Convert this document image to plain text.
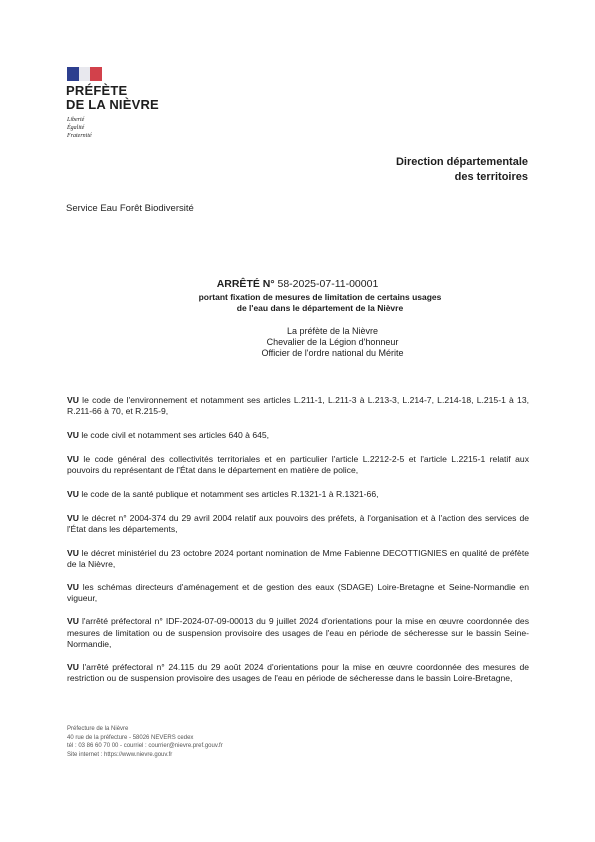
PRÉFÈTE
DE LA NIÈVRE
Liberté
Égalité
Fraternité
Direction départementale
des territoires
Service Eau Forêt Biodiversité
ARRÊTÉ N° 58-2025-07-11-00001
portant fixation de mesures de limitation de certains usages
de l'eau dans le département de la Nièvre
La préfète de la Nièvre
Chevalier de la Légion d'honneur
Officier de l'ordre national du Mérite

VU le code de l'environnement et notamment ses articles L.211-1, L.211-3 à L.213-3, L.214-7, L.214-18, L.215-1 à 13, R.211-66 à 70, et R.215-9,

VU le code civil et notamment ses articles 640 à 645,

VU le code général des collectivités territoriales et en particulier l'article L.2212-2-5 et l'article L.2215-1 relatif aux pouvoirs du représentant de l'État dans le département en matière de police,

VU le code de la santé publique et notamment ses articles R.1321-1 à R.1321-66,

VU le décret n° 2004-374 du 29 avril 2004 relatif aux pouvoirs des préfets, à l'organisation et à l'action des services de l'État dans les départements,

VU le décret ministériel du 23 octobre 2024 portant nomination de Mme Fabienne DECOTTIGNIES en qualité de préfète de la Nièvre,

VU les schémas directeurs d'aménagement et de gestion des eaux (SDAGE) Loire-Bretagne et Seine-Normandie en vigueur,

VU l'arrêté préfectoral n° IDF-2024-07-09-00013 du 9 juillet 2024 d'orientations pour la mise en œuvre coordonnée des mesures de limitation ou de suspension provisoire des usages de l'eau en période de sécheresse sur le bassin Seine-Normandie,

VU l'arrêté préfectoral n° 24.115 du 29 août 2024 d'orientations pour la mise en œuvre coordonnée des mesures de restriction ou de suspension provisoire des usages de l'eau en période de sécheresse dans le bassin Loire-Bretagne,

Préfecture de la Nièvre
40 rue de la préfecture - 58026 NEVERS cedex
tél : 03 86 60 70 00 - courriel : courrier@nievre.pref.gouv.fr
Site internet : https://www.nievre.gouv.fr
